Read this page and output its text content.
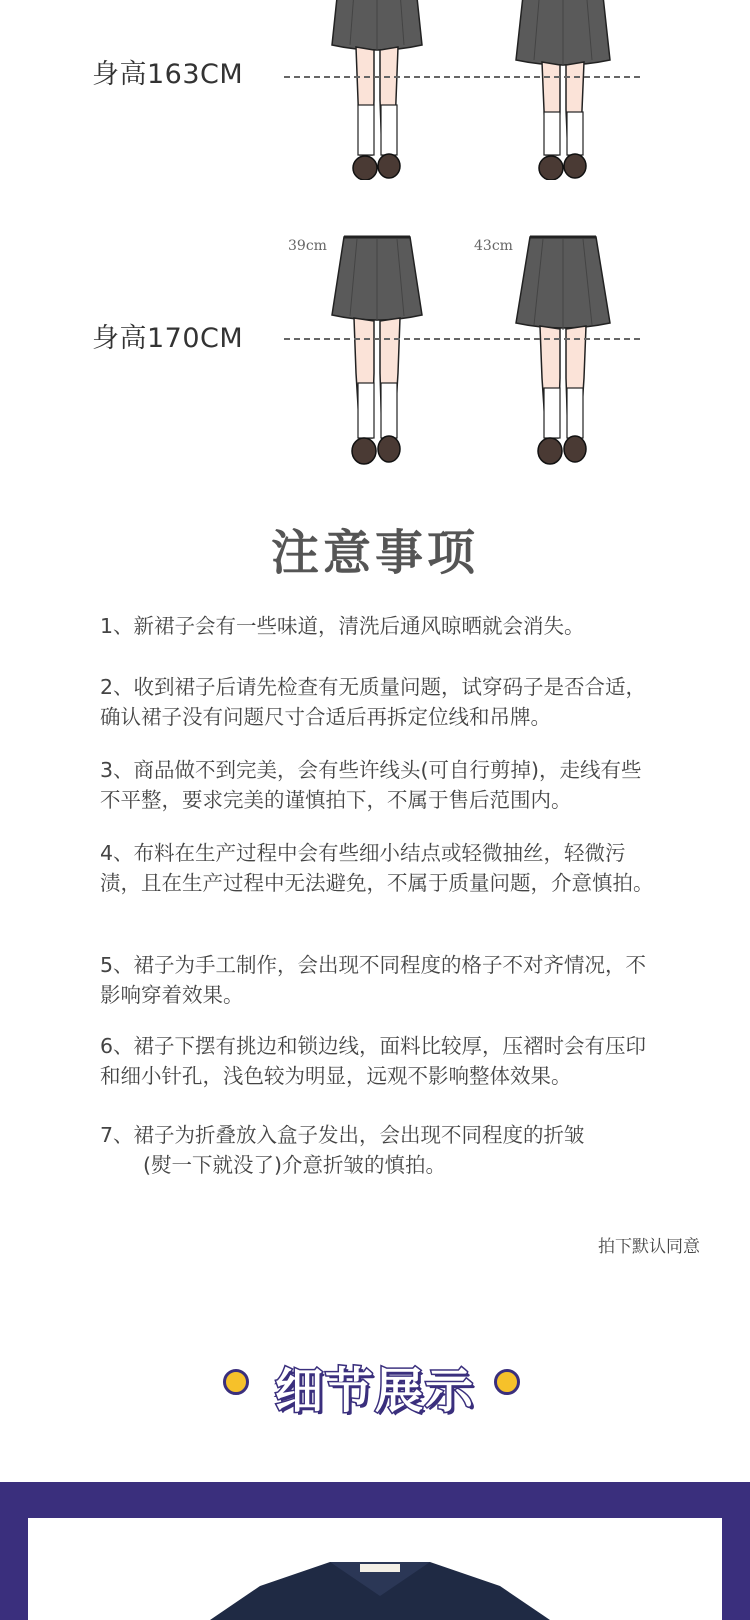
身高163CM
39cm	43cm
身高170CM
注意事项

1、新裙子会有一些味道，清洗后通风晾晒就会消失。

2、收到裙子后请先检查有无质量问题，试穿码子是否合适，确认裙子没有问题尺寸合适后再拆定位线和吊牌。

3、商品做不到完美，会有些许线头(可自行剪掉)，走线有些不平整，要求完美的谨慎拍下，不属于售后范围内。

4、布料在生产过程中会有些细小结点或轻微抽丝，轻微污渍，且在生产过程中无法避免，不属于质量问题，介意慎拍。

5、裙子为手工制作，会出现不同程度的格子不对齐情况，不影响穿着效果。

6、裙子下摆有挑边和锁边线，面料比较厚，压褶时会有压印和细小针孔，浅色较为明显，远观不影响整体效果。

7、裙子为折叠放入盒子发出，会出现不同程度的折皱

(熨一下就没了)介意折皱的慎拍。

拍下默认同意
细节展示
